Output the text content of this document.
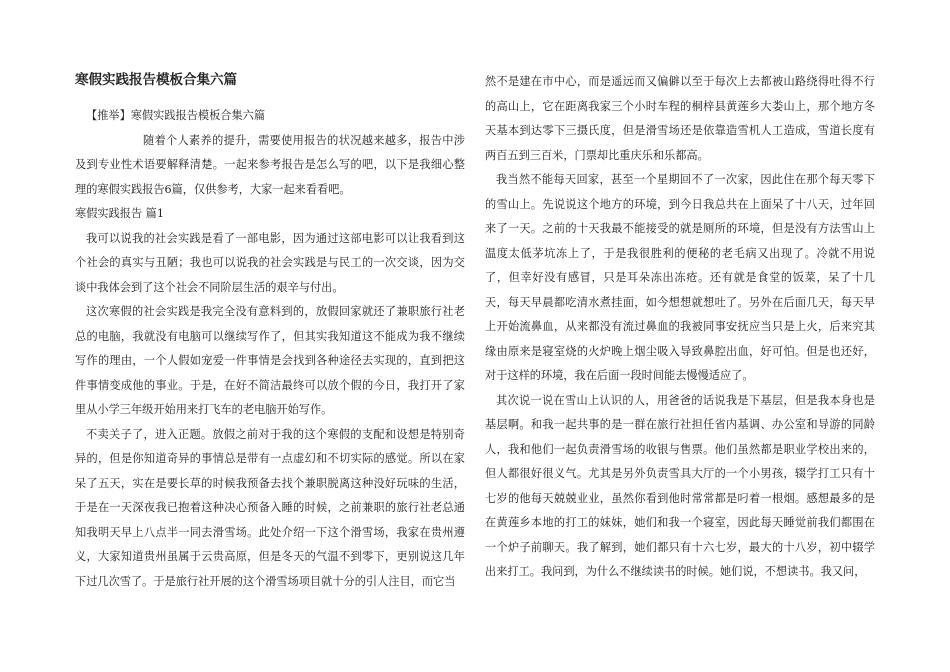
寒假实践报告模板合集六篇

【推举】寒假实践报告模板合集六篇

随着个人素养的提升，需要使用报告的状况越来越多，报告中涉及到专业性术语要解释清楚。一起来参考报告是怎么写的吧，以下是我细心整理的寒假实践报告6篇，仅供参考，大家一起来看看吧。

寒假实践报告 篇1

我可以说我的社会实践是看了一部电影，因为通过这部电影可以让我看到这个社会的真实与丑陋；我也可以说我的社会实践是与民工的一次交谈，因为交谈中我体会到了这个社会不同阶层生活的艰辛与付出。

这次寒假的社会实践是我完全没有意料到的，放假回家就还了兼职旅行社老总的电脑，我就没有电脑可以继续写作了，但其实我知道这不能成为我不继续写作的理由，一个人假如宠爱一件事情是会找到各种途径去实现的，直到把这件事情变成他的事业。于是，在好不简洁最终可以放个假的今日，我打开了家里从小学三年级开始用来打飞车的老电脑开始写作。

不卖关子了，进入正题。放假之前对于我的这个寒假的支配和设想是特别奇异的，但是你知道奇异的事情总是带有一点虚幻和不切实际的感觉。所以在家呆了五天，实在是要长草的时候我预备去找个兼职脱离这种没好玩味的生活，于是在一天深夜我已抱着这种决心预备入睡的时候，之前兼职的旅行社老总通知我明天早上八点半一同去滑雪场。此处介绍一下这个滑雪场，我家在贵州遵义，大家知道贵州虽属于云贵高原，但是冬天的气温不到零下，更别说这几年下过几次雪了。于是旅行社开展的这个滑雪场项目就十分的引人注目，而它当

然不是建在市中心，而是遥远而又偏僻以至于每次上去都被山路绕得吐得不行的高山上，它在距离我家三个小时车程的桐梓县黄莲乡大娄山上，那个地方冬天基本到达零下三摄氏度，但是滑雪场还是依靠造雪机人工造成，雪道长度有两百五到三百米，门票却比重庆乐和乐都高。

我当然不能每天回家，甚至一个星期回不了一次家，因此住在那个每天零下的雪山上。先说说这个地方的环境，到今日我总共在上面呆了十八天，过年回来了一天。之前的十天我最不能接受的就是厕所的环境，但是没有方法雪山上温度太低茅坑冻上了，于是我很胜利的便秘的老毛病又出现了。冷就不用说了，但幸好没有感冒，只是耳朵冻出冻疮。还有就是食堂的饭菜，呆了十几天，每天早晨都吃清水煮挂面，如今想想就想吐了。另外在后面几天，每天早上开始流鼻血，从来都没有流过鼻血的我被同事安抚应当只是上火，后来究其缘由原来是寝室烧的火炉晚上烟尘吸入导致鼻腔出血，好可怕。但是也还好，对于这样的环境，我在后面一段时间能去慢慢适应了。

其次说一说在雪山上认识的人，用爸爸的话说我是下基层，但是我本身也是基层啊。和我一起共事的是一群在旅行社担任省内基调、办公室和导游的同龄人，我和他们一起负责滑雪场的收银与售票。他们虽然都是职业学校出来的，但人都很好很义气。尤其是另外负责雪具大厅的一个小男孩，辍学打工只有十七岁的他每天兢兢业业，虽然你看到他时常常都是叼着一根烟。感想最多的是在黄莲乡本地的打工的妹妹，她们和我一个寝室，因此每天睡觉前我们都围在一个炉子前聊天。我了解到，她们都只有十六七岁，最大的十八岁，初中辍学出来打工。我问到，为什么不继续读书的时候。她们说，不想读书。我又问，
